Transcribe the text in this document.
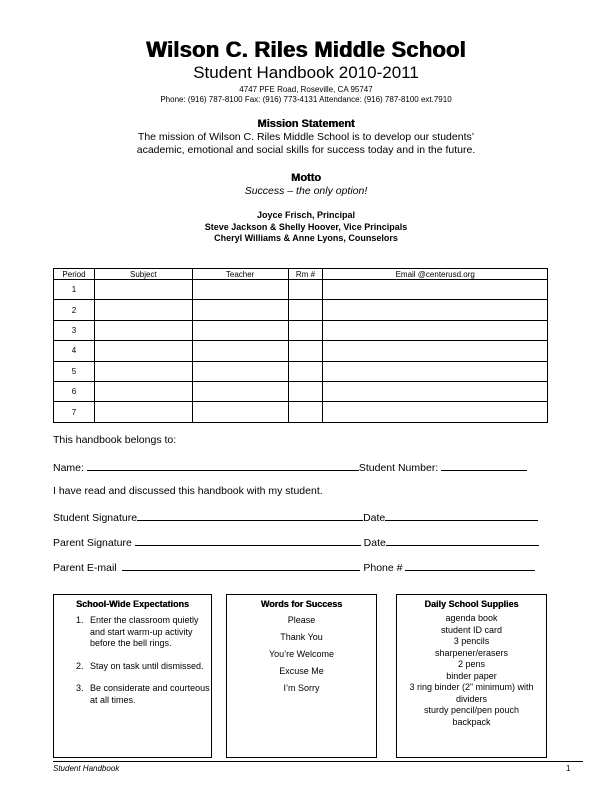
Wilson C. Riles Middle School
Student Handbook 2010-2011
4747 PFE Road, Roseville, CA 95747
Phone: (916) 787-8100 Fax: (916) 773-4131 Attendance: (916) 787-8100 ext.7910
Mission Statement
The mission of Wilson C. Riles Middle School is to develop our students’
academic, emotional and social skills for success today and in the future.
Motto
Success – the only option!
Joyce Frisch, Principal
Steve Jackson & Shelly Hoover, Vice Principals
Cheryl Williams & Anne Lyons, Counselors
Period	Subject	Teacher	Rm #	Email @centerusd.org
1				
2				
3				
4				
5				
6				
7				
This handbook belongs to:
Name:	Student Number:
I have read and discussed this handbook with my student.
Student Signature	Date
Parent Signature	Date
Parent E-mail	Phone #
School-Wide Expectations
1. Enter the classroom quietly and start warm-up activity before the bell rings.
2. Stay on task until dismissed.
3. Be considerate and courteous at all times.
Words for Success
Please
Thank You
You’re Welcome
Excuse Me
I’m Sorry
Daily School Supplies
agenda book
student ID card
3 pencils
sharpener/erasers
2 pens
binder paper
3 ring binder (2” minimum) with dividers
sturdy pencil/pen pouch
backpack
Student Handbook	1
